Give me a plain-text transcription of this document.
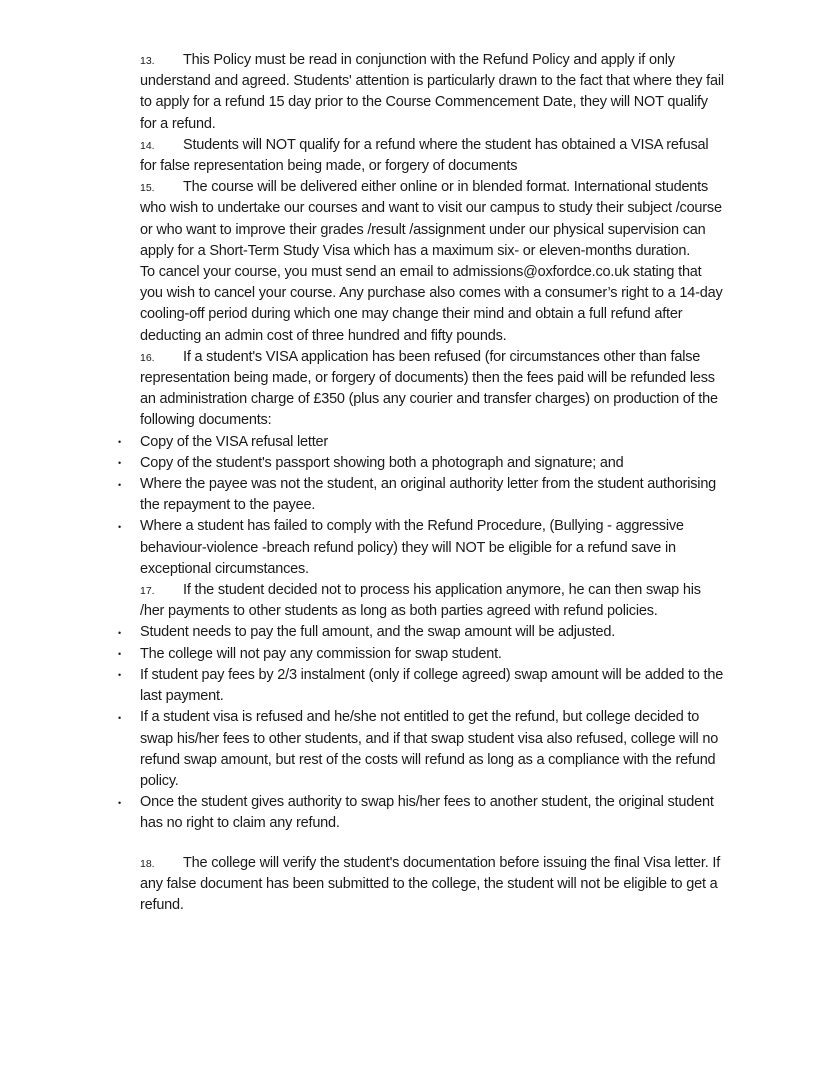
13. This Policy must be read in conjunction with the Refund Policy and apply if only understand and agreed. Students' attention is particularly drawn to the fact that where they fail to apply for a refund 15 day prior to the Course Commencement Date, they will NOT qualify for a refund.
14. Students will NOT qualify for a refund where the student has obtained a VISA refusal for false representation being made, or forgery of documents
15. The course will be delivered either online or in blended format. International students who wish to undertake our courses and want to visit our campus to study their subject /course or who want to improve their grades /result /assignment under our physical supervision can apply for a Short-Term Study Visa which has a maximum six- or eleven-months duration.
To cancel your course, you must send an email to admissions@oxfordce.co.uk stating that you wish to cancel your course. Any purchase also comes with a consumer’s right to a 14-day cooling-off period during which one may change their mind and obtain a full refund after deducting an admin cost of three hundred and fifty pounds.
16. If a student's VISA application has been refused (for circumstances other than false representation being made, or forgery of documents) then the fees paid will be refunded less an administration charge of £350 (plus any courier and transfer charges) on production of the following documents:
• Copy of the VISA refusal letter
• Copy of the student's passport showing both a photograph and signature; and
• Where the payee was not the student, an original authority letter from the student authorising the repayment to the payee.
• Where a student has failed to comply with the Refund Procedure, (Bullying - aggressive behaviour-violence -breach refund policy) they will NOT be eligible for a refund save in exceptional circumstances.
17. If the student decided not to process his application anymore, he can then swap his /her payments to other students as long as both parties agreed with refund policies.
• Student needs to pay the full amount, and the swap amount will be adjusted.
• The college will not pay any commission for swap student.
• If student pay fees by 2/3 instalment (only if college agreed) swap amount will be added to the last payment.
• If a student visa is refused and he/she not entitled to get the refund, but college decided to swap his/her fees to other students, and if that swap student visa also refused, college will no refund swap amount, but rest of the costs will refund as long as a compliance with the refund policy.
• Once the student gives authority to swap his/her fees to another student, the original student has no right to claim any refund.
18. The college will verify the student's documentation before issuing the final Visa letter. If any false document has been submitted to the college, the student will not be eligible to get a refund.
